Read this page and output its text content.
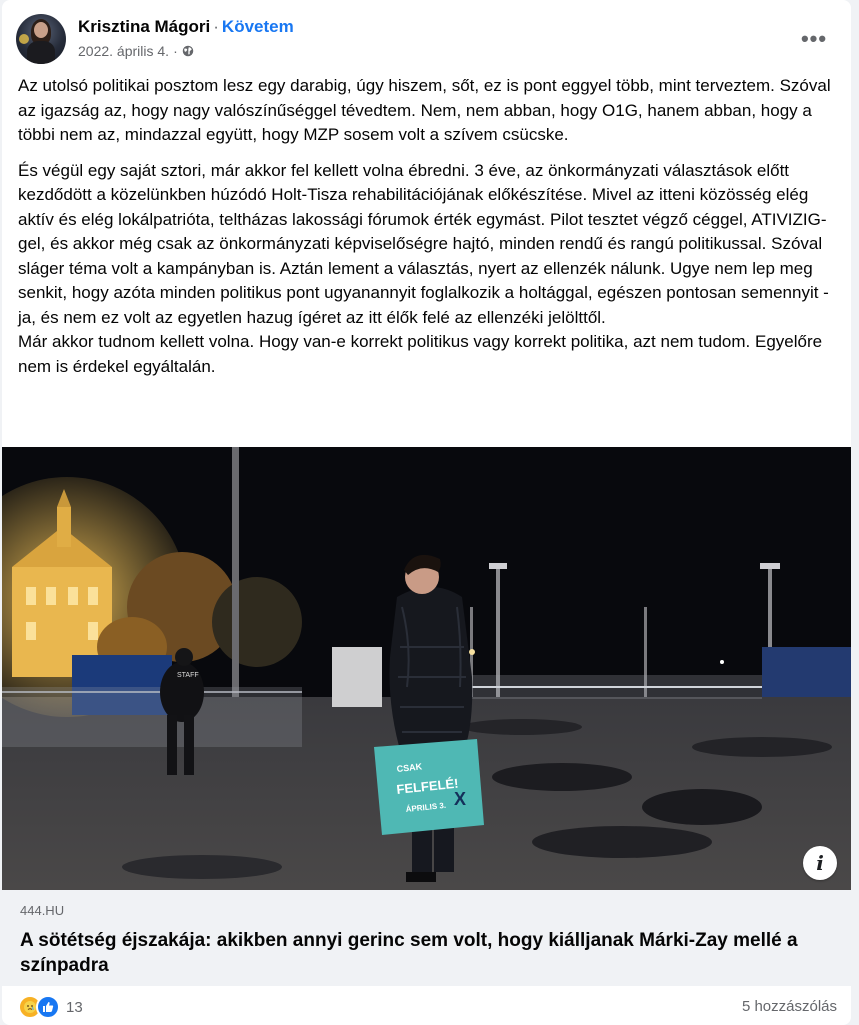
Krisztina Mágori · Követem
2022. április 4. ·	•••

Az utolsó politikai posztom lesz egy darabig, úgy hiszem, sőt, ez is pont eggyel több, mint terveztem. Szóval az igazság az, hogy nagy valószínűséggel tévedtem. Nem, nem abban, hogy O1G, hanem abban, hogy a többi nem az, mindazzal együtt, hogy MZP sosem volt a szívem csücske.

És végül egy saját sztori, már akkor fel kellett volna ébredni. 3 éve, az önkormányzati választások előtt kezdődött a közelünkben húzódó Holt-Tisza rehabilitációjának előkészítése. Mivel az itteni közösség elég aktív és elég lokálpatrióta, teltházas lakossági fórumok érték egymást. Pilot tesztet végző céggel, ATIVIZIG-gel, és akkor még csak az önkormányzati képviselőségre hajtó, minden rendű és rangú politikussal. Szóval sláger téma volt a kampányban is. Aztán lement a választás, nyert az ellenzék nálunk. Ugye nem lep meg senkit, hogy azóta minden politikus pont ugyanannyit foglalkozik a holtággal, egészen pontosan semennyit - ja, és nem ez volt az egyetlen hazug ígéret az itt élők felé az ellenzéki jelölttől.

Már akkor tudnom kellett volna. Hogy van-e korrekt politikus vagy korrekt politika, azt nem tudom. Egyelőre nem is érdekel egyáltalán.

STAFF
CSAK
FELFELÉ!
ÁPRILIS 3. X
i
444.HU
A sötétség éjszakája: akikben annyi gerinc sem volt, hogy kiálljanak Márki-Zay mellé a színpadra
13	5 hozzászólás
